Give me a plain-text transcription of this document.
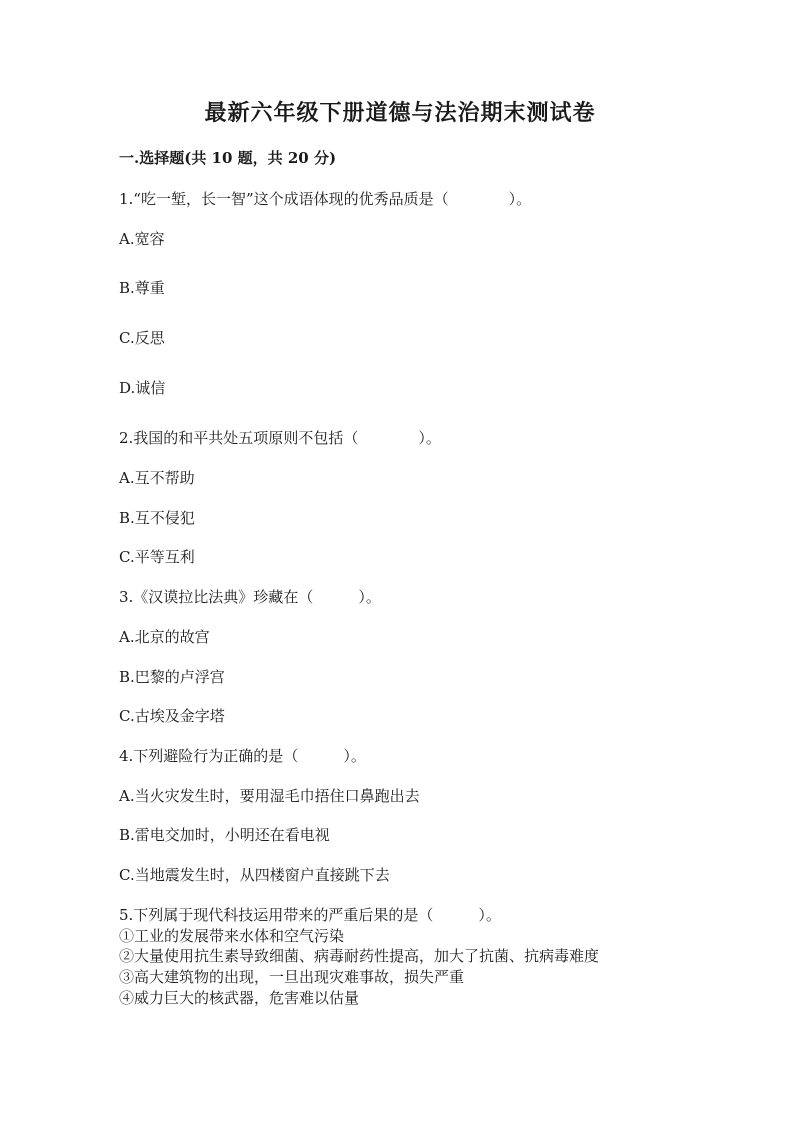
最新六年级下册道德与法治期末测试卷
一.选择题(共 10 题，共 20 分)
1.“吃一堑，长一智”这个成语体现的优秀品质是（　　　　）。
A.宽容
B.尊重
C.反思
D.诚信
2.我国的和平共处五项原则不包括（　　　　）。
A.互不帮助
B.互不侵犯
C.平等互利
3.《汉谟拉比法典》珍藏在（　　　）。
A.北京的故宫
B.巴黎的卢浮宫
C.古埃及金字塔
4.下列避险行为正确的是（　　　）。
A.当火灾发生时，要用湿毛巾捂住口鼻跑出去
B.雷电交加时，小明还在看电视
C.当地震发生时，从四楼窗户直接跳下去
5.下列属于现代科技运用带来的严重后果的是（　　　）。
①工业的发展带来水体和空气污染
②大量使用抗生素导致细菌、病毒耐药性提高，加大了抗菌、抗病毒难度
③高大建筑物的出现，一旦出现灾难事故，损失严重
④威力巨大的核武器，危害难以估量
